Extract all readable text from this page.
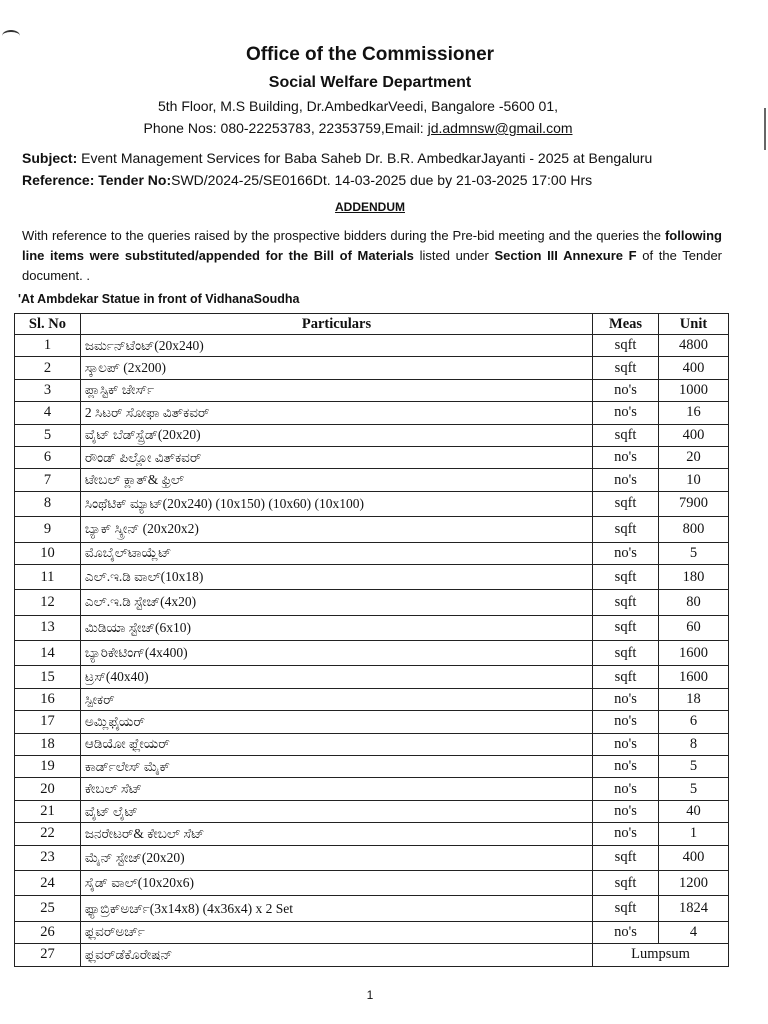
Office of the Commissioner
Social Welfare Department
5th Floor, M.S Building, Dr.AmbedkarVeedi, Bangalore -5600 01,
Phone Nos: 080-22253783, 22353759,Email: jd.admnsw@gmail.com
Subject: Event Management Services for Baba Saheb Dr. B.R. AmbedkarJayanti - 2025 at Bengaluru
Reference: Tender No:SWD/2024-25/SE0166Dt. 14-03-2025 due by 21-03-2025 17:00 Hrs
ADDENDUM
With reference to the queries raised by the prospective bidders during the Pre-bid meeting and the queries the following line items were substituted/appended for the Bill of Materials listed under Section III Annexure F of the Tender document. .
'At Ambdekar Statue in front of VidhanaSoudha
Sl. No	Particulars	Meas	Unit
1	ಜರ್ಮನ್‌ಟೆಂಟ್(20x240)	sqft	4800
2	ಸ್ಕಾಲಪ್ (2x200)	sqft	400
3	ಪ್ಲಾಸ್ಟಿಕ್ ಚೇರ್ಸ್	no's	1000
4	2 ಸಿಟರ್ ಸೋಫಾ ವಿತ್‌ಕವರ್	no's	16
5	ವೈಟ್ ಬೆಡ್‌ಸ್ಪ್ರೆಡ್(20x20)	sqft	400
6	ರೌಂಡ್ ಪಿಲ್ಲೋ ವಿತ್‌ಕವರ್	no's	20
7	ಟೇಬಲ್ ಕ್ಲಾತ್& ಫ್ರಿಲ್	no's	10
8	ಸಿಂಥೆಟಿಕ್ ಮ್ಯಾಟ್(20x240) (10x150) (10x60) (10x100)	sqft	7900
9	ಬ್ಯಾಕ್ ಸ್ಕ್ರೀನ್ (20x20x2)	sqft	800
10	ಮೊಬೈಲ್‌ಟಾಯ್ಲೆಟ್	no's	5
11	ಎಲ್.ಇ.ಡಿ ವಾಲ್(10x18)	sqft	180
12	ಎಲ್.ಇ.ಡಿ ಸ್ಟೇಜ್(4x20)	sqft	80
13	ಮಿಡಿಯಾ ಸ್ಟೇಜ್(6x10)	sqft	60
14	ಬ್ಯಾರಿಕೇಟಿಂಗ್(4x400)	sqft	1600
15	ಟ್ರಸ್(40x40)	sqft	1600
16	ಸ್ಪೀಕರ್	no's	18
17	ಅಮ್ಲಿಫೈಯರ್	no's	6
18	ಆಡಿಯೋ ಫ್ಲೇಯರ್	no's	8
19	ಕಾರ್ಡ್‌ಲೇಸ್ ಮೈಕ್	no's	5
20	ಕೇಬಲ್ ಸೆಟ್	no's	5
21	ವೈಟ್ ಲೈಟ್	no's	40
22	ಜನರೇಟರ್& ಕೇಬಲ್ ಸೆಟ್	no's	1
23	ಮೈನ್ ಸ್ಟೇಜ್(20x20)	sqft	400
24	ಸೈಡ್ ವಾಲ್(10x20x6)	sqft	1200
25	ಫ್ಯಾಬ್ರಿಕ್‌ಅರ್ಚ್(3x14x8) (4x36x4) x 2 Set	sqft	1824
26	ಫ್ಲವರ್‌ಅರ್ಚ್	no's	4
27	ಫ್ಲವರ್‌ಡೆಕೊರೇಷನ್	Lumpsum	
1
